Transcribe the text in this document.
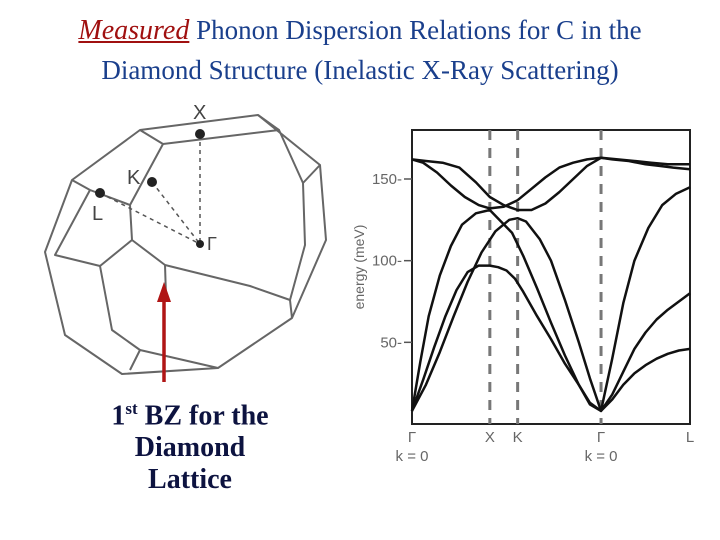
Measured Phonon Dispersion Relations for C in the
Diamond Structure (Inelastic X-Ray Scattering)
X
K
L
Γ
50-
100-
150-
Γ
k = 0
X K	Γ
k = 0
L
energy (meV)
1st BZ for the
Diamond
Lattice
